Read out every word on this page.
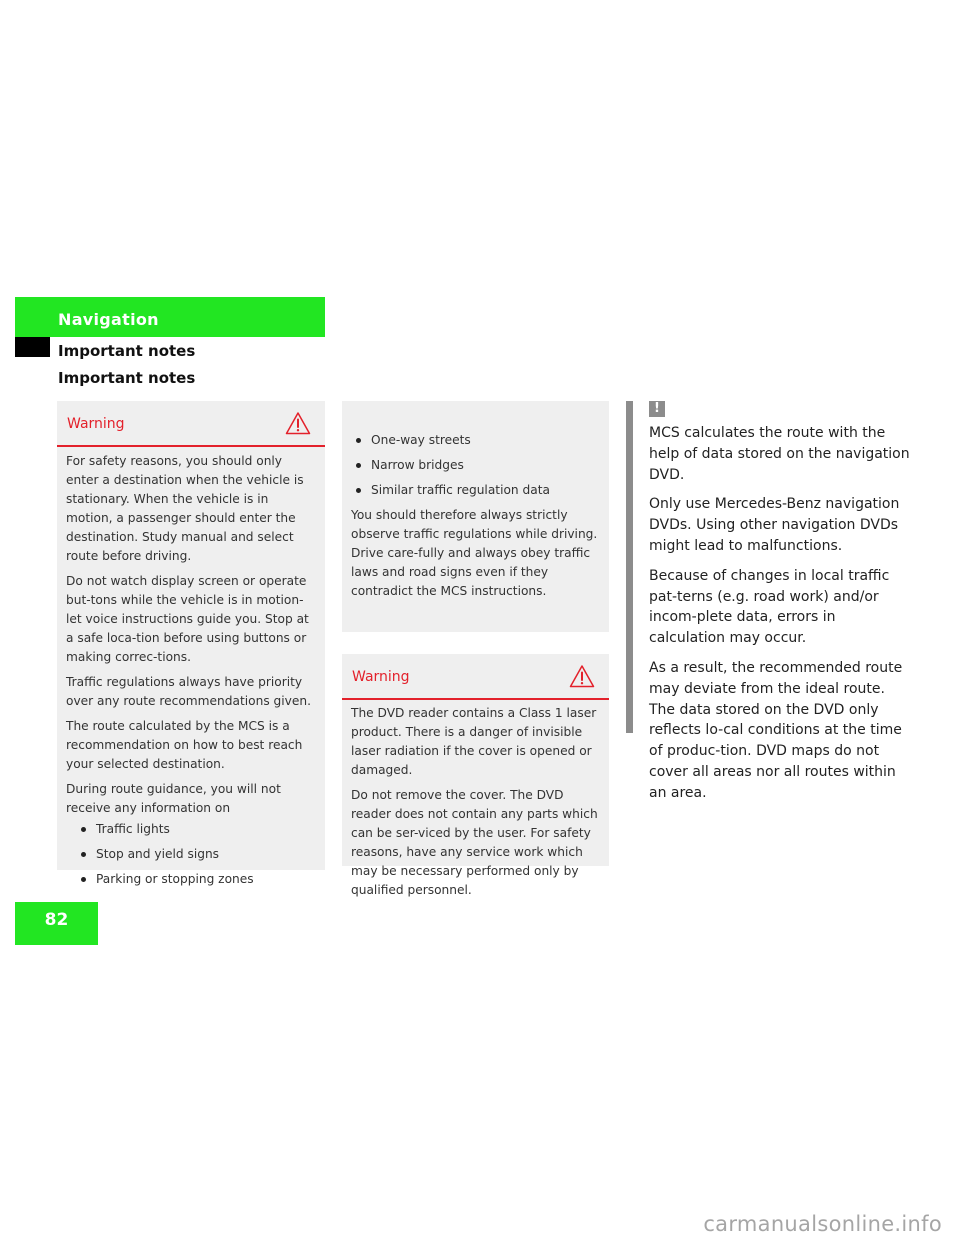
Navigation
Important notes
Important notes
Warning

For safety reasons, you should only enter a destination when the vehicle is stationary. When the vehicle is in motion, a passenger should enter the destination. Study manual and select route before driving.

Do not watch display screen or operate but-tons while the vehicle is in motion- let voice instructions guide you. Stop at a safe loca-tion before using buttons or making correc-tions.

Traffic regulations always have priority over any route recommendations given.

The route calculated by the MCS is a recommendation on how to best reach your selected destination.

During route guidance, you will not receive any information on

Traffic lights
Stop and yield signs
Parking or stopping zones
One-way streets
Narrow bridges
Similar traffic regulation data

You should therefore always strictly observe traffic regulations while driving. Drive care-fully and always obey traffic laws and road signs even if they contradict the MCS instructions.

Warning

The DVD reader contains a Class 1 laser product. There is a danger of invisible laser radiation if the cover is opened or damaged.

Do not remove the cover. The DVD reader does not contain any parts which can be ser-viced by the user. For safety reasons, have any service work which may be necessary performed only by qualified personnel.

!

MCS calculates the route with the help of data stored on the navigation DVD.

Only use Mercedes-Benz navigation DVDs. Using other navigation DVDs might lead to malfunctions.

Because of changes in local traffic pat-terns (e.g. road work) and/or incom-plete data, errors in calculation may occur.

As a result, the recommended route may deviate from the ideal route. The data stored on the DVD only reflects lo-cal conditions at the time of produc-tion. DVD maps do not cover all areas nor all routes within an area.

82
carmanualsonline.info
